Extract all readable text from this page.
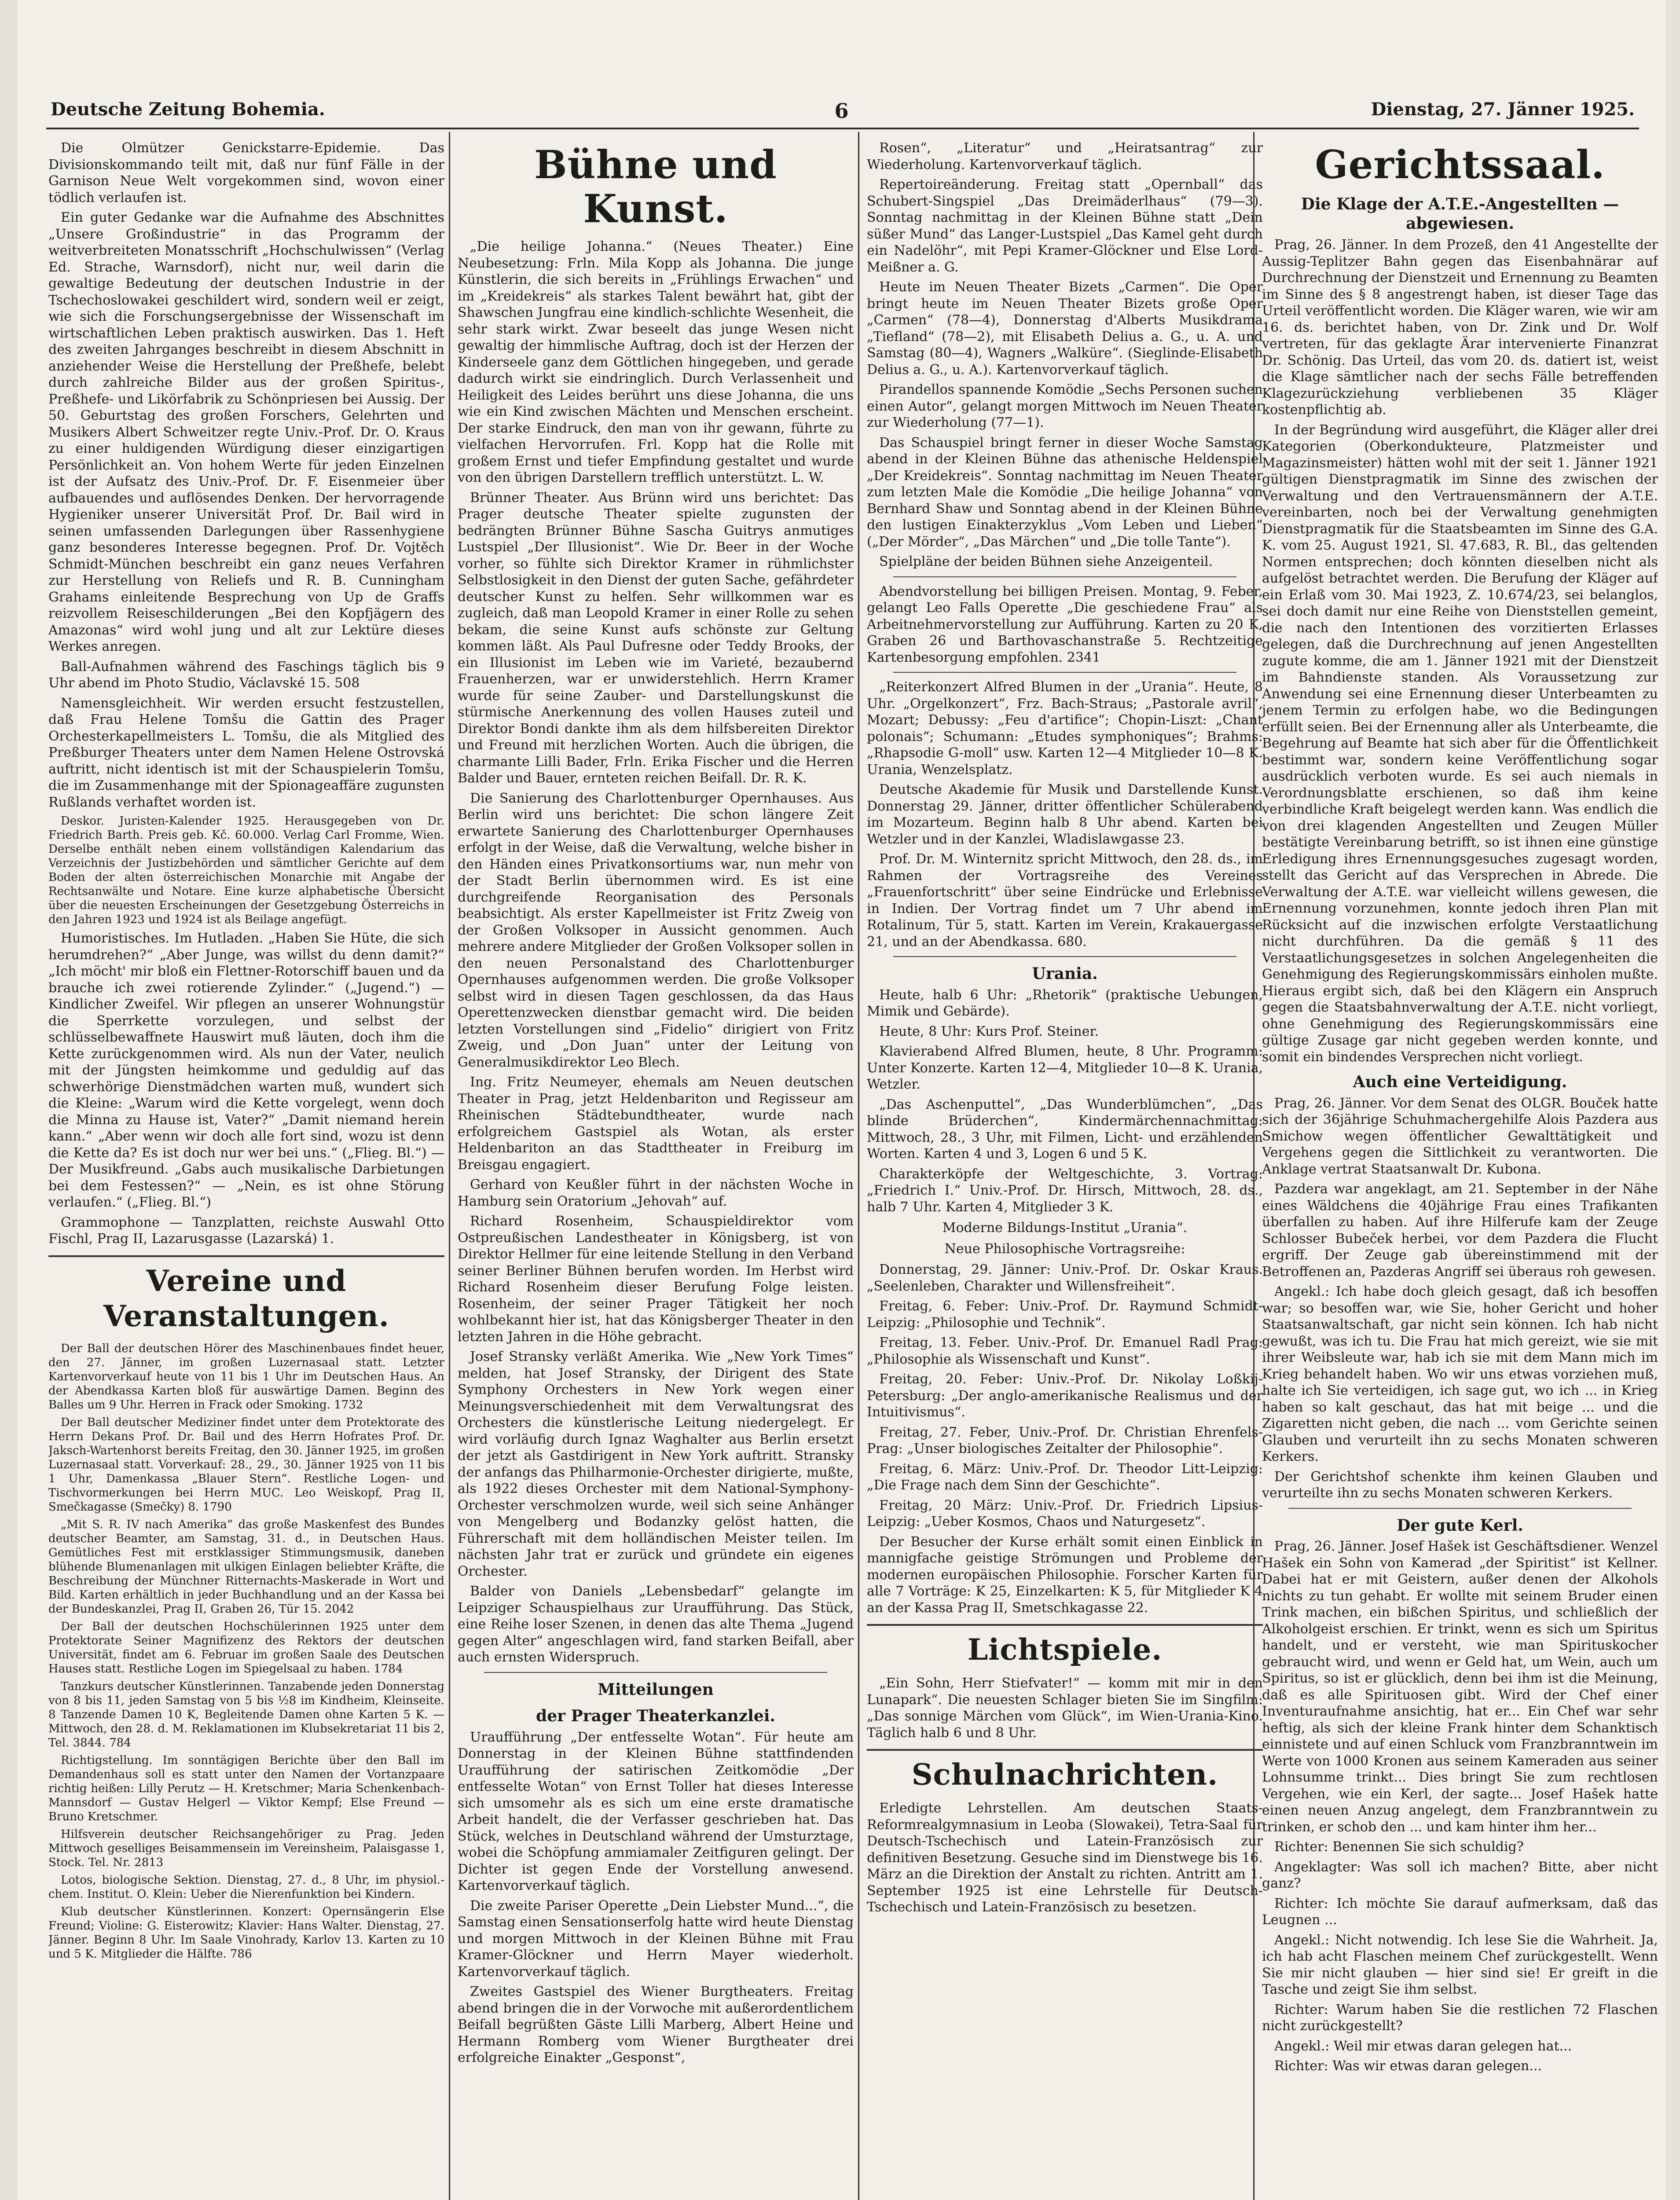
Deutsche Zeitung Bohemia.	6	Dienstag, 27. Jänner 1925.

Die Olmützer Genickstarre-Epidemie. Das Divisionskommando teilt mit, daß nur fünf Fälle in der Garnison Neue Welt vorgekommen sind, wovon einer tödlich verlaufen ist.

Ein guter Gedanke war die Aufnahme des Abschnittes „Unsere Großindustrie“ in das Programm der weitverbreiteten Monatsschrift „Hochschulwissen“ (Verlag Ed. Strache, Warnsdorf), nicht nur, weil darin die gewaltige Bedeutung der deutschen Industrie in der Tschechoslowakei geschildert wird, sondern weil er zeigt, wie sich die Forschungsergebnisse der Wissenschaft im wirtschaftlichen Leben praktisch auswirken. Das 1. Heft des zweiten Jahrganges beschreibt in diesem Abschnitt in anziehender Weise die Herstellung der Preßhefe, belebt durch zahlreiche Bilder aus der großen Spiritus-, Preßhefe- und Likörfabrik zu Schönpriesen bei Aussig. Der 50. Geburtstag des großen Forschers, Gelehrten und Musikers Albert Schweitzer regte Univ.-Prof. Dr. O. Kraus zu einer huldigenden Würdigung dieser einzigartigen Persönlichkeit an. Von hohem Werte für jeden Einzelnen ist der Aufsatz des Univ.-Prof. Dr. F. Eisenmeier über aufbauendes und auflösendes Denken. Der hervorragende Hygieniker unserer Universität Prof. Dr. Bail wird in seinen umfassenden Darlegungen über Rassenhygiene ganz besonderes Interesse begegnen. Prof. Dr. Vojtěch Schmidt-München beschreibt ein ganz neues Verfahren zur Herstellung von Reliefs und R. B. Cunningham Grahams einleitende Besprechung von Up de Graffs reizvollem Reiseschilderungen „Bei den Kopfjägern des Amazonas“ wird wohl jung und alt zur Lektüre dieses Werkes anregen.

Ball-Aufnahmen während des Faschings täglich bis 9 Uhr abend im Photo Studio, Václavské 15. 508

Namensgleichheit. Wir werden ersucht festzustellen, daß Frau Helene Tomšu die Gattin des Prager Orchesterkapellmeisters L. Tomšu, die als Mitglied des Preßburger Theaters unter dem Namen Helene Ostrovská auftritt, nicht identisch ist mit der Schauspielerin Tomšu, die im Zusammenhange mit der Spionageaffäre zugunsten Rußlands verhaftet worden ist.

Deskor. Juristen-Kalender 1925. Herausgegeben von Dr. Friedrich Barth. Preis geb. Kč. 60.000. Verlag Carl Fromme, Wien. Derselbe enthält neben einem vollständigen Kalendarium das Verzeichnis der Justizbehörden und sämtlicher Gerichte auf dem Boden der alten österreichischen Monarchie mit Angabe der Rechtsanwälte und Notare. Eine kurze alphabetische Übersicht über die neuesten Erscheinungen der Gesetzgebung Österreichs in den Jahren 1923 und 1924 ist als Beilage angefügt.

Humoristisches. Im Hutladen. „Haben Sie Hüte, die sich herumdrehen?“ „Aber Junge, was willst du denn damit?“ „Ich möcht' mir bloß ein Flettner-Rotorschiff bauen und da brauche ich zwei rotierende Zylinder.“ („Jugend.“) — Kindlicher Zweifel. Wir pflegen an unserer Wohnungstür die Sperrkette vorzulegen, und selbst der schlüsselbewaffnete Hauswirt muß läuten, doch ihm die Kette zurückgenommen wird. Als nun der Vater, neulich mit der Jüngsten heimkomme und geduldig auf das schwerhörige Dienstmädchen warten muß, wundert sich die Kleine: „Warum wird die Kette vorgelegt, wenn doch die Minna zu Hause ist, Vater?“ „Damit niemand herein kann.“ „Aber wenn wir doch alle fort sind, wozu ist denn die Kette da? Es ist doch nur wer bei uns.“ („Flieg. Bl.“) — Der Musikfreund. „Gabs auch musikalische Darbietungen bei dem Festessen?“ — „Nein, es ist ohne Störung verlaufen.“ („Flieg. Bl.“)

Grammophone — Tanzplatten, reichste Auswahl Otto Fischl, Prag II, Lazarusgasse (Lazarská) 1.

Vereine und Veranstaltungen.

Der Ball der deutschen Hörer des Maschinenbaues findet heuer, den 27. Jänner, im großen Luzernasaal statt. Letzter Kartenvorverkauf heute von 11 bis 1 Uhr im Deutschen Haus. An der Abendkassa Karten bloß für auswärtige Damen. Beginn des Balles um 9 Uhr. Herren in Frack oder Smoking. 1732

Der Ball deutscher Mediziner findet unter dem Protektorate des Herrn Dekans Prof. Dr. Bail und des Herrn Hofrates Prof. Dr. Jaksch-Wartenhorst bereits Freitag, den 30. Jänner 1925, im großen Luzernasaal statt. Vorverkauf: 28., 29., 30. Jänner 1925 von 11 bis 1 Uhr, Damenkassa „Blauer Stern“. Restliche Logen- und Tischvormerkungen bei Herrn MUC. Leo Weiskopf, Prag II, Smečkagasse (Smečky) 8. 1790

„Mit S. R. IV nach Amerika“ das große Maskenfest des Bundes deutscher Beamter, am Samstag, 31. d., in Deutschen Haus. Gemütliches Fest mit erstklassiger Stimmungsmusik, daneben blühende Blumenanlagen mit ulkigen Einlagen beliebter Kräfte, die Beschreibung der Münchner Ritternachts-Maskerade in Wort und Bild. Karten erhältlich in jeder Buchhandlung und an der Kassa bei der Bundeskanzlei, Prag II, Graben 26, Tür 15. 2042

Der Ball der deutschen Hochschülerinnen 1925 unter dem Protektorate Seiner Magnifizenz des Rektors der deutschen Universität, findet am 6. Februar im großen Saale des Deutschen Hauses statt. Restliche Logen im Spiegelsaal zu haben. 1784

Tanzkurs deutscher Künstlerinnen. Tanzabende jeden Donnerstag von 8 bis 11, jeden Samstag von 5 bis ½8 im Kindheim, Kleinseite. 8 Tanzende Damen 10 K, Begleitende Damen ohne Karten 5 K. — Mittwoch, den 28. d. M. Reklamationen im Klubsekretariat 11 bis 2, Tel. 3844. 784

Richtigstellung. Im sonntägigen Berichte über den Ball im Demandenhaus soll es statt unter den Namen der Vortanzpaare richtig heißen: Lilly Perutz — H. Kretschmer; Maria Schenkenbach-Mannsdorf — Gustav Helgerl — Viktor Kempf; Else Freund — Bruno Kretschmer.

Hilfsverein deutscher Reichsangehöriger zu Prag. Jeden Mittwoch geselliges Beisammensein im Vereinsheim, Palaisgasse 1, Stock. Tel. Nr. 2813

Lotos, biologische Sektion. Dienstag, 27. d., 8 Uhr, im physiol.-chem. Institut. O. Klein: Ueber die Nierenfunktion bei Kindern.

Klub deutscher Künstlerinnen. Konzert: Opernsängerin Else Freund; Violine: G. Eisterowitz; Klavier: Hans Walter. Dienstag, 27. Jänner. Beginn 8 Uhr. Im Saale Vinohrady, Karlov 13. Karten zu 10 und 5 K. Mitglieder die Hälfte. 786

Bühne und Kunst.

„Die heilige Johanna.“ (Neues Theater.) Eine Neubesetzung: Frln. Mila Kopp als Johanna. Die junge Künstlerin, die sich bereits in „Frühlings Erwachen“ und im „Kreidekreis“ als starkes Talent bewährt hat, gibt der Shawschen Jungfrau eine kindlich-schlichte Wesenheit, die sehr stark wirkt. Zwar beseelt das junge Wesen nicht gewaltig der himmlische Auftrag, doch ist der Herzen der Kinderseele ganz dem Göttlichen hingegeben, und gerade dadurch wirkt sie eindringlich. Durch Verlassenheit und Heiligkeit des Leides berührt uns diese Johanna, die uns wie ein Kind zwischen Mächten und Menschen erscheint. Der starke Eindruck, den man von ihr gewann, führte zu vielfachen Hervorrufen. Frl. Kopp hat die Rolle mit großem Ernst und tiefer Empfindung gestaltet und wurde von den übrigen Darstellern trefflich unterstützt. L. W.

Brünner Theater. Aus Brünn wird uns berichtet: Das Prager deutsche Theater spielte zugunsten der bedrängten Brünner Bühne Sascha Guitrys anmutiges Lustspiel „Der Illusionist“. Wie Dr. Beer in der Woche vorher, so fühlte sich Direktor Kramer in rühmlichster Selbstlosigkeit in den Dienst der guten Sache, gefährdeter deutscher Kunst zu helfen. Sehr willkommen war es zugleich, daß man Leopold Kramer in einer Rolle zu sehen bekam, die seine Kunst aufs schönste zur Geltung kommen läßt. Als Paul Dufresne oder Teddy Brooks, der ein Illusionist im Leben wie im Varieté, bezaubernd Frauenherzen, war er unwiderstehlich. Herrn Kramer wurde für seine Zauber- und Darstellungskunst die stürmische Anerkennung des vollen Hauses zuteil und Direktor Bondi dankte ihm als dem hilfsbereiten Direktor und Freund mit herzlichen Worten. Auch die übrigen, die charmante Lilli Bader, Frln. Erika Fischer und die Herren Balder und Bauer, ernteten reichen Beifall. Dr. R. K.

Die Sanierung des Charlottenburger Opernhauses. Aus Berlin wird uns berichtet: Die schon längere Zeit erwartete Sanierung des Charlottenburger Opernhauses erfolgt in der Weise, daß die Verwaltung, welche bisher in den Händen eines Privatkonsortiums war, nun mehr von der Stadt Berlin übernommen wird. Es ist eine durchgreifende Reorganisation des Personals beabsichtigt. Als erster Kapellmeister ist Fritz Zweig von der Großen Volksoper in Aussicht genommen. Auch mehrere andere Mitglieder der Großen Volksoper sollen in den neuen Personalstand des Charlottenburger Opernhauses aufgenommen werden. Die große Volksoper selbst wird in diesen Tagen geschlossen, da das Haus Operettenzwecken dienstbar gemacht wird. Die beiden letzten Vorstellungen sind „Fidelio“ dirigiert von Fritz Zweig, und „Don Juan“ unter der Leitung von Generalmusikdirektor Leo Blech.

Ing. Fritz Neumeyer, ehemals am Neuen deutschen Theater in Prag, jetzt Heldenbariton und Regisseur am Rheinischen Städtebundtheater, wurde nach erfolgreichem Gastspiel als Wotan, als erster Heldenbariton an das Stadttheater in Freiburg im Breisgau engagiert.

Gerhard von Keußler führt in der nächsten Woche in Hamburg sein Oratorium „Jehovah“ auf.

Richard Rosenheim, Schauspieldirektor vom Ostpreußischen Landestheater in Königsberg, ist von Direktor Hellmer für eine leitende Stellung in den Verband seiner Berliner Bühnen berufen worden. Im Herbst wird Richard Rosenheim dieser Berufung Folge leisten. Rosenheim, der seiner Prager Tätigkeit her noch wohlbekannt hier ist, hat das Königsberger Theater in den letzten Jahren in die Höhe gebracht.

Josef Stransky verläßt Amerika. Wie „New York Times“ melden, hat Josef Stransky, der Dirigent des State Symphony Orchesters in New York wegen einer Meinungsverschiedenheit mit dem Verwaltungsrat des Orchesters die künstlerische Leitung niedergelegt. Er wird vorläufig durch Ignaz Waghalter aus Berlin ersetzt der jetzt als Gastdirigent in New York auftritt. Stransky der anfangs das Philharmonie-Orchester dirigierte, mußte, als 1922 dieses Orchester mit dem National-Symphony-Orchester verschmolzen wurde, weil sich seine Anhänger von Mengelberg und Bodanzky gelöst hatten, die Führerschaft mit dem holländischen Meister teilen. Im nächsten Jahr trat er zurück und gründete ein eigenes Orchester.

Balder von Daniels „Lebensbedarf“ gelangte im Leipziger Schauspielhaus zur Uraufführung. Das Stück, eine Reihe loser Szenen, in denen das alte Thema „Jugend gegen Alter“ angeschlagen wird, fand starken Beifall, aber auch ernsten Widerspruch.

Mitteilungen
der Prager Theaterkanzlei.

Uraufführung „Der entfesselte Wotan“. Für heute am Donnerstag in der Kleinen Bühne stattfindenden Uraufführung der satirischen Zeitkomödie „Der entfesselte Wotan“ von Ernst Toller hat dieses Interesse sich umsomehr als es sich um eine erste dramatische Arbeit handelt, die der Verfasser geschrieben hat. Das Stück, welches in Deutschland während der Umsturztage, wobei die Schöpfung ammiamaler Zeitfiguren gelingt. Der Dichter ist gegen Ende der Vorstellung anwesend. Kartenvorverkauf täglich.

Die zweite Pariser Operette „Dein Liebster Mund...“, die Samstag einen Sensationserfolg hatte wird heute Dienstag und morgen Mittwoch in der Kleinen Bühne mit Frau Kramer-Glöckner und Herrn Mayer wiederholt. Kartenvorverkauf täglich.

Zweites Gastspiel des Wiener Burgtheaters. Freitag abend bringen die in der Vorwoche mit außerordentlichem Beifall begrüßten Gäste Lilli Marberg, Albert Heine und Hermann Romberg vom Wiener Burgtheater drei erfolgreiche Einakter „Gesponst“,

Rosen“, „Literatur“ und „Heiratsantrag“ zur Wiederholung. Kartenvorverkauf täglich.

Repertoireänderung. Freitag statt „Opernball“ das Schubert-Singspiel „Das Dreimäderlhaus“ (79—3). Sonntag nachmittag in der Kleinen Bühne statt „Dein süßer Mund“ das Langer-Lustspiel „Das Kamel geht durch ein Nadelöhr“, mit Pepi Kramer-Glöckner und Else Lord-Meißner a. G.

Heute im Neuen Theater Bizets „Carmen“. Die Oper bringt heute im Neuen Theater Bizets große Oper „Carmen“ (78—4), Donnerstag d'Alberts Musikdrama „Tiefland“ (78—2), mit Elisabeth Delius a. G., u. A. und Samstag (80—4), Wagners „Walküre“. (Sieglinde-Elisabeth Delius a. G., u. A.). Kartenvorverkauf täglich.

Pirandellos spannende Komödie „Sechs Personen suchen einen Autor“, gelangt morgen Mittwoch im Neuen Theater zur Wiederholung (77—1).

Das Schauspiel bringt ferner in dieser Woche Samstag abend in der Kleinen Bühne das athenische Heldenspiel „Der Kreidekreis“. Sonntag nachmittag im Neuen Theater zum letzten Male die Komödie „Die heilige Johanna“ von Bernhard Shaw und Sonntag abend in der Kleinen Bühne den lustigen Einakterzyklus „Vom Leben und Lieben“ („Der Mörder“, „Das Märchen“ und „Die tolle Tante“).

Spielpläne der beiden Bühnen siehe Anzeigenteil.

Abendvorstellung bei billigen Preisen. Montag, 9. Feber, gelangt Leo Falls Operette „Die geschiedene Frau“ als Arbeitnehmervorstellung zur Aufführung. Karten zu 20 K, Graben 26 und Barthovaschanstraße 5. Rechtzeitige Kartenbesorgung empfohlen. 2341

„Reiterkonzert Alfred Blumen in der „Urania“. Heute, 8 Uhr. „Orgelkonzert“, Frz. Bach-Straus; „Pastorale avril“, Mozart; Debussy: „Feu d'artifice“; Chopin-Liszt: „Chant polonais“; Schumann: „Etudes symphoniques“; Brahms: „Rhapsodie G-moll“ usw. Karten 12—4 Mitglieder 10—8 K. Urania, Wenzelsplatz.

Deutsche Akademie für Musik und Darstellende Kunst. Donnerstag 29. Jänner, dritter öffentlicher Schülerabend im Mozarteum. Beginn halb 8 Uhr abend. Karten bei Wetzler und in der Kanzlei, Wladislawgasse 23.

Prof. Dr. M. Winternitz spricht Mittwoch, den 28. ds., im Rahmen der Vortragsreihe des Vereines „Frauenfortschritt“ über seine Eindrücke und Erlebnisse in Indien. Der Vortrag findet um 7 Uhr abend im Rotalinum, Tür 5, statt. Karten im Verein, Krakauergasse 21, und an der Abendkassa. 680.

Urania.

Heute, halb 6 Uhr: „Rhetorik“ (praktische Uebungen, Mimik und Gebärde).

Heute, 8 Uhr: Kurs Prof. Steiner.

Klavierabend Alfred Blumen, heute, 8 Uhr. Programm: Unter Konzerte. Karten 12—4, Mitglieder 10—8 K. Urania, Wetzler.

„Das Aschenputtel“, „Das Wunderblümchen“, „Das blinde Brüderchen“, Kindermärchennachmittag: Mittwoch, 28., 3 Uhr, mit Filmen, Licht- und erzählenden Worten. Karten 4 und 3, Logen 6 und 5 K.

Charakterköpfe der Weltgeschichte, 3. Vortrag: „Friedrich I.“ Univ.-Prof. Dr. Hirsch, Mittwoch, 28. ds., halb 7 Uhr. Karten 4, Mitglieder 3 K.

Moderne Bildungs-Institut „Urania“.

Neue Philosophische Vortragsreihe:

Donnerstag, 29. Jänner: Univ.-Prof. Dr. Oskar Kraus. „Seelenleben, Charakter und Willensfreiheit“.

Freitag, 6. Feber: Univ.-Prof. Dr. Raymund Schmidt-Leipzig: „Philosophie und Technik“.

Freitag, 13. Feber. Univ.-Prof. Dr. Emanuel Radl Prag: „Philosophie als Wissenschaft und Kunst“.

Freitag, 20. Feber: Univ.-Prof. Dr. Nikolay Loßkij-Petersburg: „Der anglo-amerikanische Realismus und der Intuitivismus“.

Freitag, 27. Feber, Univ.-Prof. Dr. Christian Ehrenfels-Prag: „Unser biologisches Zeitalter der Philosophie“.

Freitag, 6. März: Univ.-Prof. Dr. Theodor Litt-Leipzig: „Die Frage nach dem Sinn der Geschichte“.

Freitag, 20 März: Univ.-Prof. Dr. Friedrich Lipsius-Leipzig: „Ueber Kosmos, Chaos und Naturgesetz“.

Der Besucher der Kurse erhält somit einen Einblick in mannigfache geistige Strömungen und Probleme der modernen europäischen Philosophie. Forscher Karten für alle 7 Vorträge: K 25, Einzelkarten: K 5, für Mitglieder K 4 an der Kassa Prag II, Smetschkagasse 22.

Lichtspiele.

„Ein Sohn, Herr Stiefvater!“ — komm mit mir in den Lunapark“. Die neuesten Schlager bieten Sie im Singfilm: „Das sonnige Märchen vom Glück“, im Wien-Urania-Kino. Täglich halb 6 und 8 Uhr.

Schulnachrichten.

Erledigte Lehrstellen. Am deutschen Staats-Reformrealgymnasium in Leoba (Slowakei), Tetra-Saal für Deutsch-Tschechisch und Latein-Französisch zur definitiven Besetzung. Gesuche sind im Dienstwege bis 16. März an die Direktion der Anstalt zu richten. Antritt am 1. September 1925 ist eine Lehrstelle für Deutsch-Tschechisch und Latein-Französisch zu besetzen.

Gerichtssaal.
Die Klage der A.T.E.-Angestellten — abgewiesen.

Prag, 26. Jänner. In dem Prozeß, den 41 Angestellte der Aussig-Teplitzer Bahn gegen das Eisenbahnärar auf Durchrechnung der Dienstzeit und Ernennung zu Beamten im Sinne des § 8 angestrengt haben, ist dieser Tage das Urteil veröffentlicht worden. Die Kläger waren, wie wir am 16. ds. berichtet haben, von Dr. Zink und Dr. Wolf vertreten, für das geklagte Ärar intervenierte Finanzrat Dr. Schönig. Das Urteil, das vom 20. ds. datiert ist, weist die Klage sämtlicher nach der sechs Fälle betreffenden Klagezurückziehung verbliebenen 35 Kläger kostenpflichtig ab.

In der Begründung wird ausgeführt, die Kläger aller drei Kategorien (Oberkondukteure, Platzmeister und Magazinsmeister) hätten wohl mit der seit 1. Jänner 1921 gültigen Dienstpragmatik im Sinne des zwischen der Verwaltung und den Vertrauensmännern der A.T.E. vereinbarten, noch bei der Verwaltung genehmigten Dienstpragmatik für die Staatsbeamten im Sinne des G.A. K. vom 25. August 1921, Sl. 47.683, R. Bl., das geltenden Normen entsprechen; doch könnten dieselben nicht als aufgelöst betrachtet werden. Die Berufung der Kläger auf ein Erlaß vom 30. Mai 1923, Z. 10.674/23, sei belanglos, sei doch damit nur eine Reihe von Dienststellen gemeint, die nach den Intentionen des vorzitierten Erlasses gelegen, daß die Durchrechnung auf jenen Angestellten zugute komme, die am 1. Jänner 1921 mit der Dienstzeit im Bahndienste standen. Als Voraussetzung zur Anwendung sei eine Ernennung dieser Unterbeamten zu jenem Termin zu erfolgen habe, wo die Bedingungen erfüllt seien. Bei der Ernennung aller als Unterbeamte, die Begehrung auf Beamte hat sich aber für die Öffentlichkeit bestimmt war, sondern keine Veröffentlichung sogar ausdrücklich verboten wurde. Es sei auch niemals in Verordnungsblatte erschienen, so daß ihm keine verbindliche Kraft beigelegt werden kann. Was endlich die von drei klagenden Angestellten und Zeugen Müller bestätigte Vereinbarung betrifft, so ist ihnen eine günstige Erledigung ihres Ernennungsgesuches zugesagt worden, stellt das Gericht auf das Versprechen in Abrede. Die Verwaltung der A.T.E. war vielleicht willens gewesen, die Ernennung vorzunehmen, konnte jedoch ihren Plan mit Rücksicht auf die inzwischen erfolgte Verstaatlichung nicht durchführen. Da die gemäß § 11 des Verstaatlichungsgesetzes in solchen Angelegenheiten die Genehmigung des Regierungskommissärs einholen mußte. Hieraus ergibt sich, daß bei den Klägern ein Anspruch gegen die Staatsbahnverwaltung der A.T.E. nicht vorliegt, ohne Genehmigung des Regierungskommissärs eine gültige Zusage gar nicht gegeben werden konnte, und somit ein bindendes Versprechen nicht vorliegt.

Auch eine Verteidigung.

Prag, 26. Jänner. Vor dem Senat des OLGR. Bouček hatte sich der 36jährige Schuhmachergehilfe Alois Pazdera aus Smichow wegen öffentlicher Gewalttätigkeit und Vergehens gegen die Sittlichkeit zu verantworten. Die Anklage vertrat Staatsanwalt Dr. Kubona.

Pazdera war angeklagt, am 21. September in der Nähe eines Wäldchens die 40jährige Frau eines Trafikanten überfallen zu haben. Auf ihre Hilferufe kam der Zeuge Schlosser Bubeček herbei, vor dem Pazdera die Flucht ergriff. Der Zeuge gab übereinstimmend mit der Betroffenen an, Pazderas Angriff sei überaus roh gewesen.

Angekl.: Ich habe doch gleich gesagt, daß ich besoffen war; so besoffen war, wie Sie, hoher Gericht und hoher Staatsanwaltschaft, gar nicht sein können. Ich hab nicht gewußt, was ich tu. Die Frau hat mich gereizt, wie sie mit ihrer Weibsleute war, hab ich sie mit dem Mann mich im Krieg behandelt haben. Wo wir uns etwas vorziehen muß, halte ich Sie verteidigen, ich sage gut, wo ich ... in Krieg haben so kalt geschaut, das hat mit beige ... und die Zigaretten nicht geben, die nach ... vom Gerichte seinen Glauben und verurteilt ihn zu sechs Monaten schweren Kerkers.

Der Gerichtshof schenkte ihm keinen Glauben und verurteilte ihn zu sechs Monaten schweren Kerkers.

Der gute Kerl.

Prag, 26. Jänner. Josef Hašek ist Geschäftsdiener. Wenzel Hašek ein Sohn von Kamerad „der Spiritist“ ist Kellner. Dabei hat er mit Geistern, außer denen der Alkohols nichts zu tun gehabt. Er wollte mit seinem Bruder einen Trink machen, ein bißchen Spiritus, und schließlich der Alkoholgeist erschien. Er trinkt, wenn es sich um Spiritus handelt, und er versteht, wie man Spirituskocher gebraucht wird, und wenn er Geld hat, um Wein, auch um Spiritus, so ist er glücklich, denn bei ihm ist die Meinung, daß es alle Spirituosen gibt. Wird der Chef einer Inventuraufnahme ansichtig, hat er... Ein Chef war sehr heftig, als sich der kleine Frank hinter dem Schanktisch einnistete und auf einen Schluck vom Franzbranntwein im Werte von 1000 Kronen aus seinem Kameraden aus seiner Lohnsumme trinkt... Dies bringt Sie zum rechtlosen Vergehen, wie ein Kerl, der sagte... Josef Hašek hatte einen neuen Anzug angelegt, dem Franzbranntwein zu trinken, er schob den ... und kam hinter ihm her...

Richter: Benennen Sie sich schuldig?

Angeklagter: Was soll ich machen? Bitte, aber nicht ganz?

Richter: Ich möchte Sie darauf aufmerksam, daß das Leugnen ...

Angekl.: Nicht notwendig. Ich lese Sie die Wahrheit. Ja, ich hab acht Flaschen meinem Chef zurückgestellt. Wenn Sie mir nicht glauben — hier sind sie! Er greift in die Tasche und zeigt Sie ihm selbst.

Richter: Warum haben Sie die restlichen 72 Flaschen nicht zurückgestellt?

Angekl.: Weil mir etwas daran gelegen hat...

Richter: Was wir etwas daran gelegen...
